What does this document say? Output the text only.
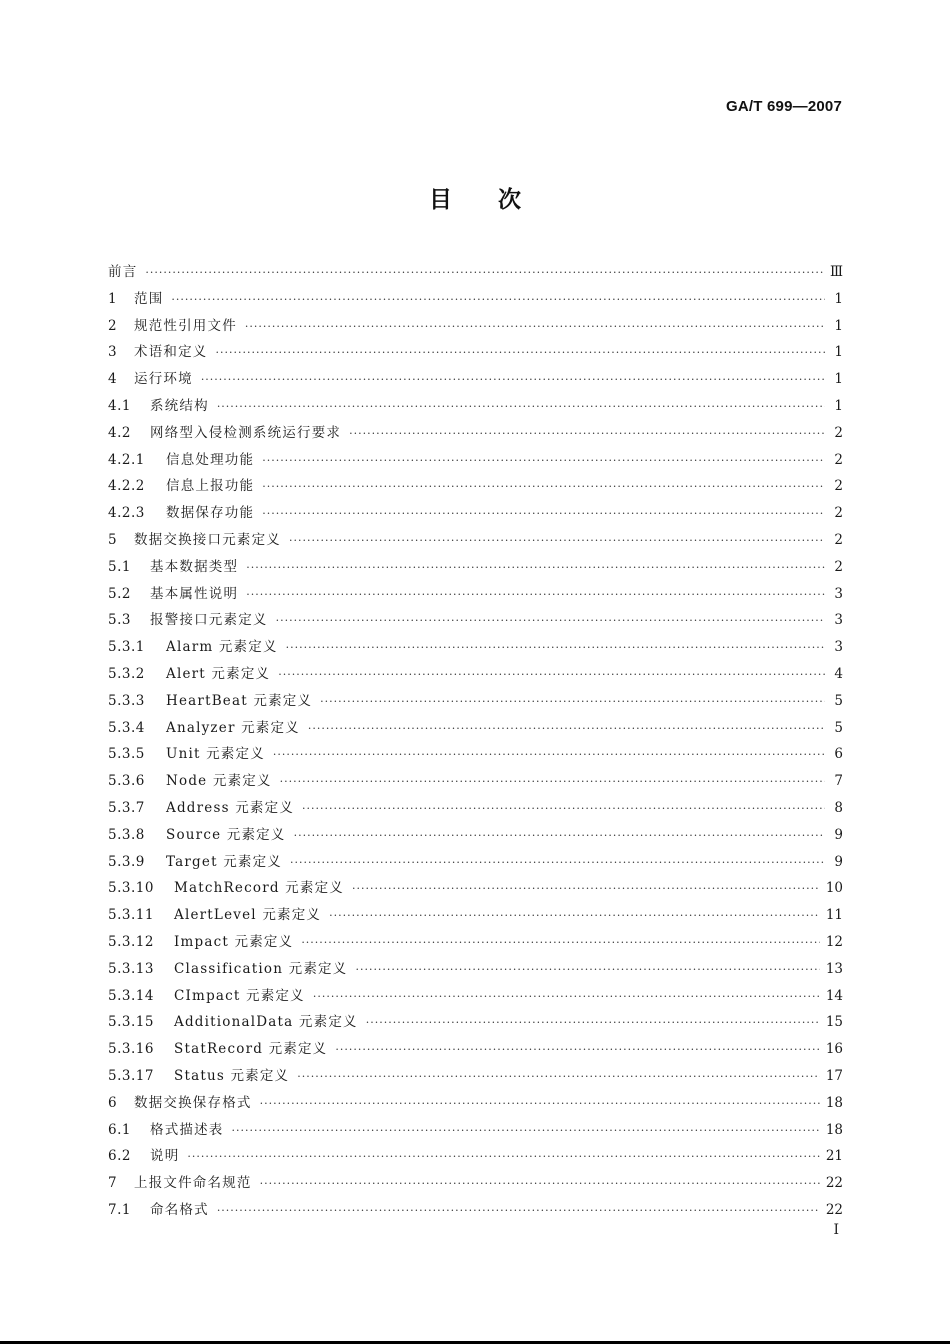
GA/T 699—2007
目次
前言 ·····	Ⅲ
1	范围 ·····	1
2	规范性引用文件 ·····	1
3	术语和定义 ·····	1
4	运行环境 ·····	1
4.1	系统结构 ·····	1
4.2	网络型入侵检测系统运行要求 ·····	2
4.2.1	信息处理功能 ·····	2
4.2.2	信息上报功能 ·····	2
4.2.3	数据保存功能 ·····	2
5	数据交换接口元素定义 ·····	2
5.1	基本数据类型 ·····	2
5.2	基本属性说明 ·····	3
5.3	报警接口元素定义 ·····	3
5.3.1	Alarm 元素定义 ·····	3
5.3.2	Alert 元素定义 ·····	4
5.3.3	HeartBeat 元素定义 ·····	5
5.3.4	Analyzer 元素定义 ·····	5
5.3.5	Unit 元素定义 ·····	6
5.3.6	Node 元素定义 ·····	7
5.3.7	Address 元素定义 ·····	8
5.3.8	Source 元素定义 ·····	9
5.3.9	Target 元素定义 ·····	9
5.3.10	MatchRecord 元素定义 ·····	10
5.3.11	AlertLevel 元素定义 ·····	11
5.3.12	Impact 元素定义 ·····	12
5.3.13	Classification 元素定义 ·····	13
5.3.14	CImpact 元素定义 ·····	14
5.3.15	AdditionalData 元素定义 ·····	15
5.3.16	StatRecord 元素定义 ·····	16
5.3.17	Status 元素定义 ·····	17
6	数据交换保存格式 ·····	18
6.1	格式描述表 ·····	18
6.2	说明 ·····	21
7	上报文件命名规范 ·····	22
7.1	命名格式 ·····	22
I
